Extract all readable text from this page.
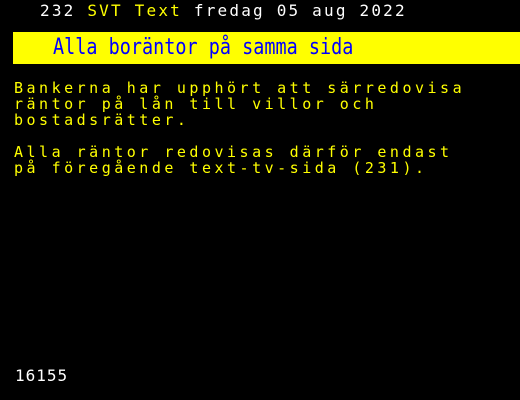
232 SVT Text fredag 05 aug 2022
Alla boräntor på samma sida
Bankerna har upphört att särredovisa
räntor på lån till villor och
bostadsrätter.
Alla räntor redovisas därför endast
på föregående text-tv-sida (231).
16155
